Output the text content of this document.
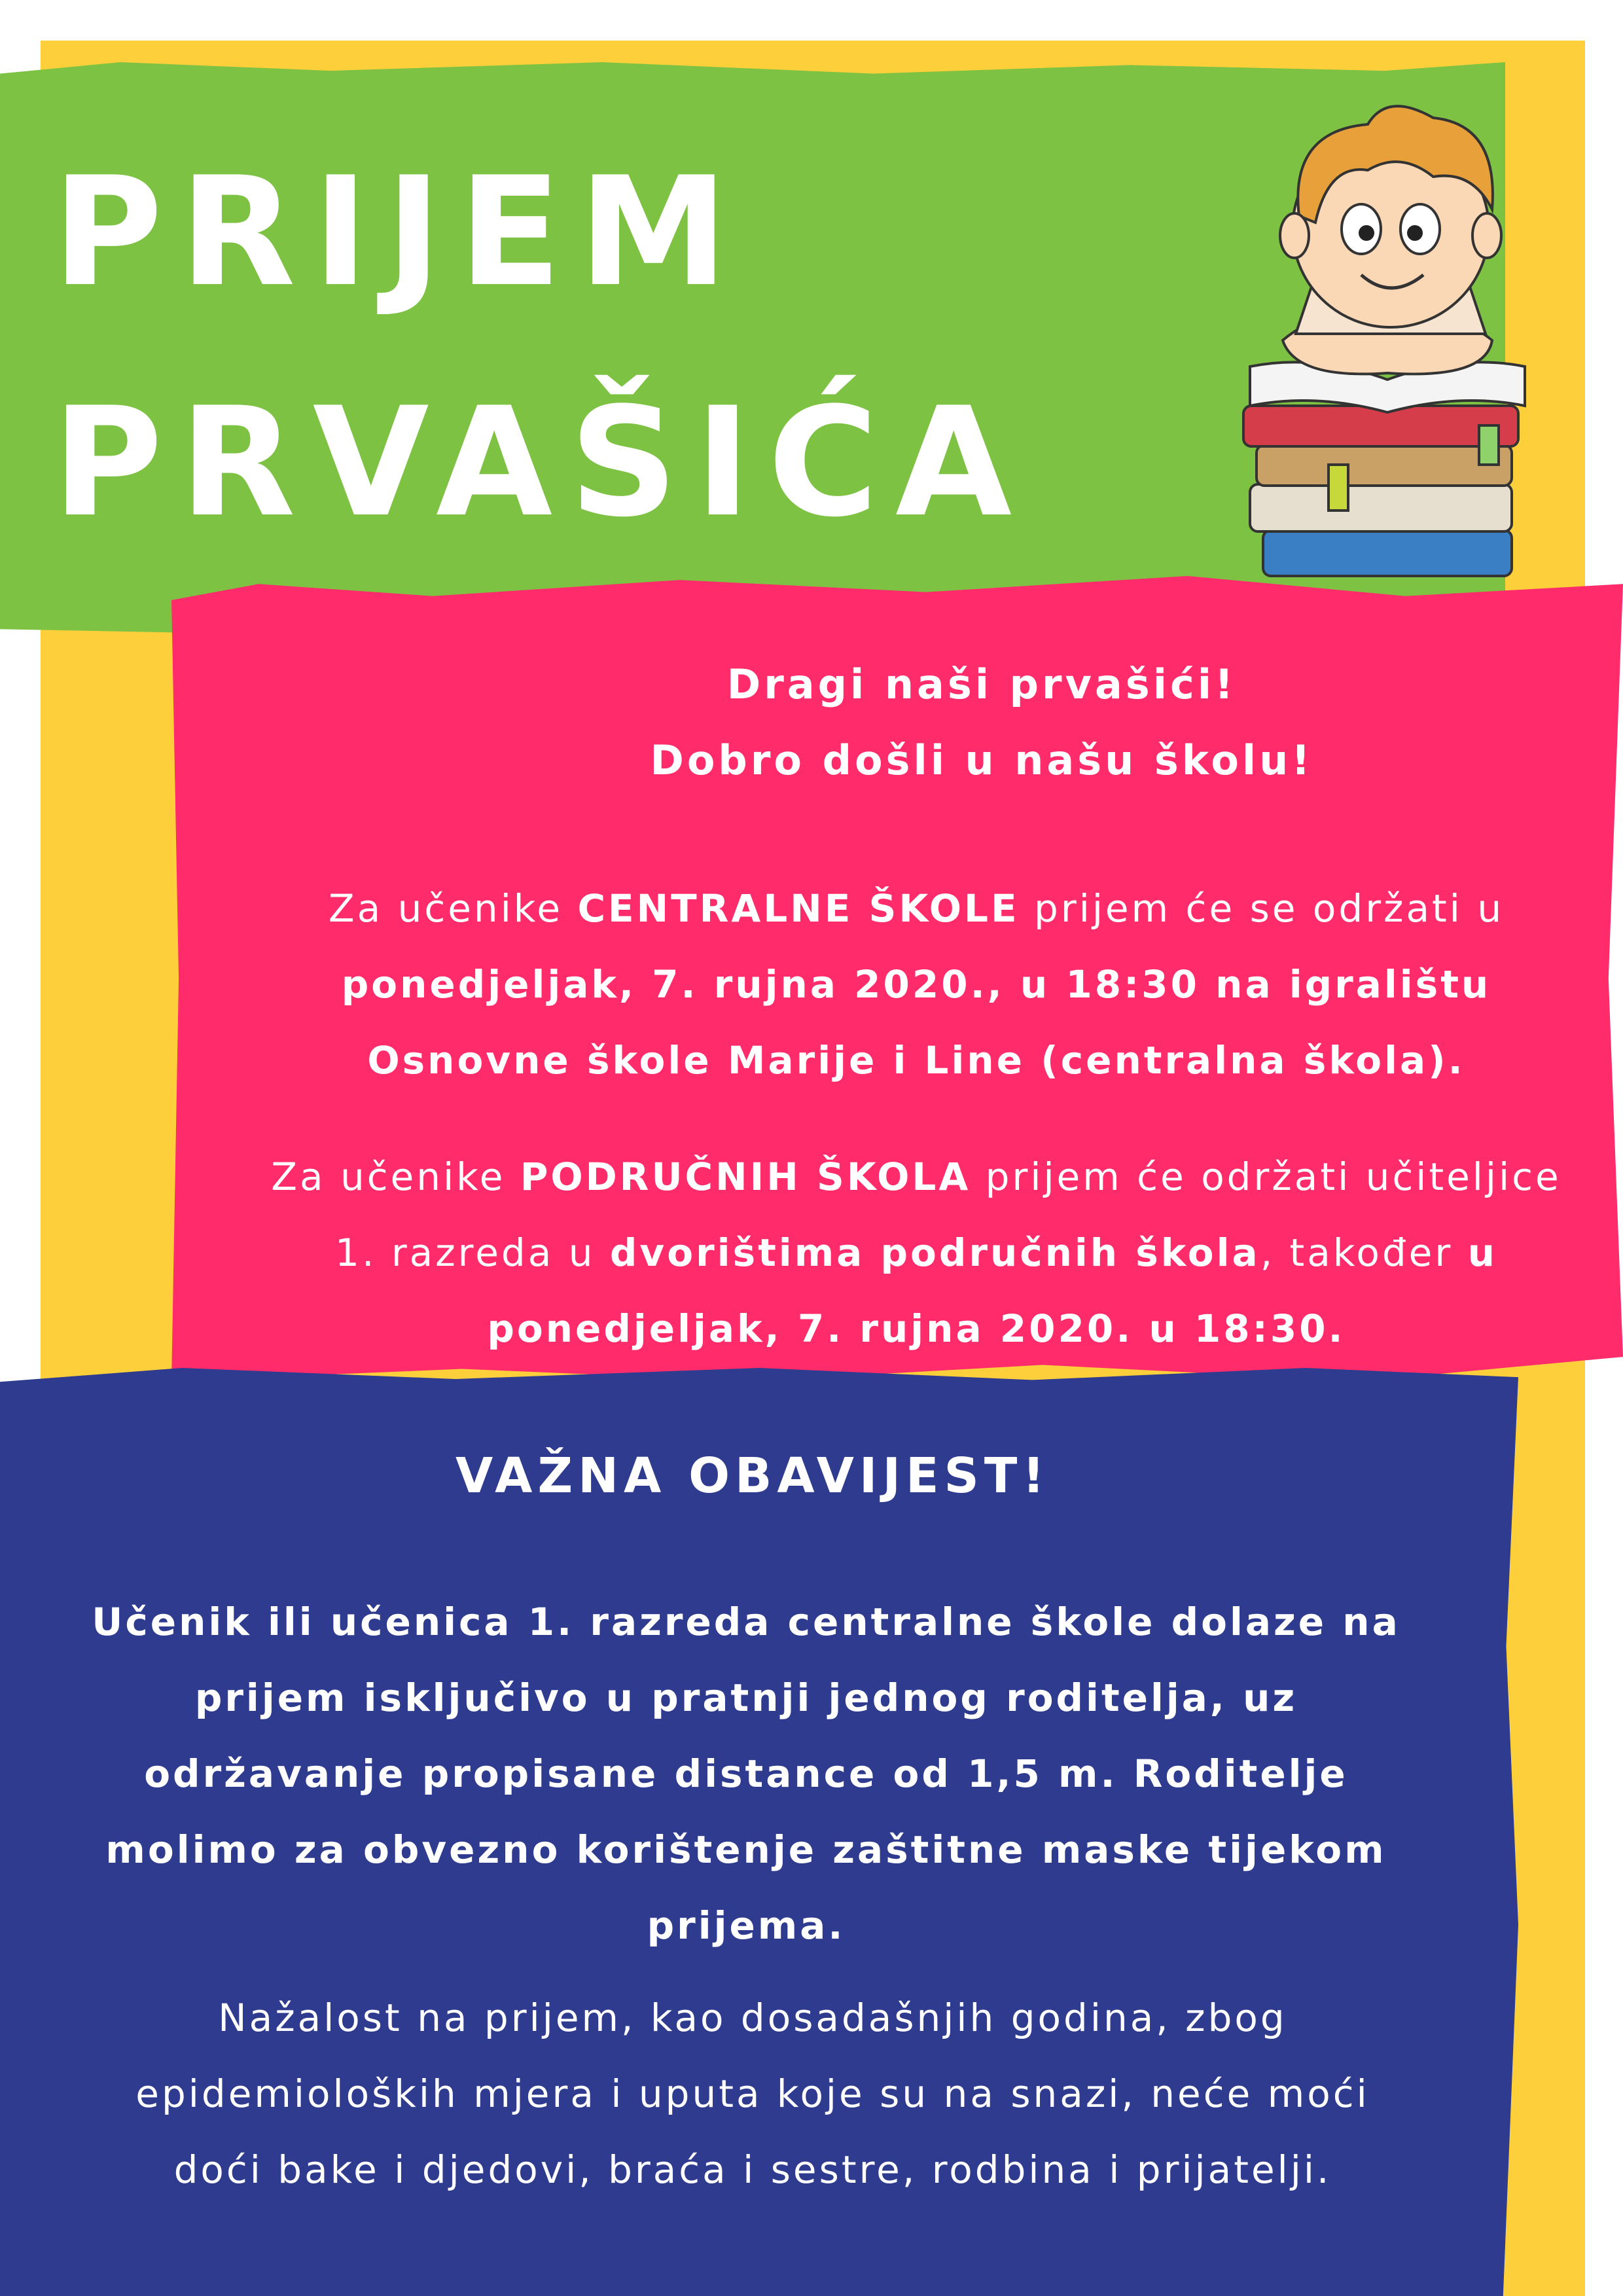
PRIJEM
PRVAŠIĆA
Dragi naši prvašići!
Dobro došli u našu školu!
Za učenike CENTRALNE ŠKOLE prijem će se održati u ponedjeljak, 7. rujna 2020., u 18:30 na igralištu Osnovne škole Marije i Line (centralna škola).
Za učenike PODRUČNIH ŠKOLA prijem će održati učiteljice 1. razreda u dvorištima područnih škola, također u ponedjeljak, 7. rujna 2020. u 18:30.
VAŽNA OBAVIJEST!
Učenik ili učenica 1. razreda centralne škole dolaze na prijem isključivo u pratnji jednog roditelja, uz održavanje propisane distance od 1,5 m. Roditelje molimo za obvezno korištenje zaštitne maske tijekom prijema.
Nažalost na prijem, kao dosadašnjih godina, zbog epidemioloških mjera i uputa koje su na snazi, neće moći doći bake i djedovi, braća i sestre, rodbina i prijatelji.
